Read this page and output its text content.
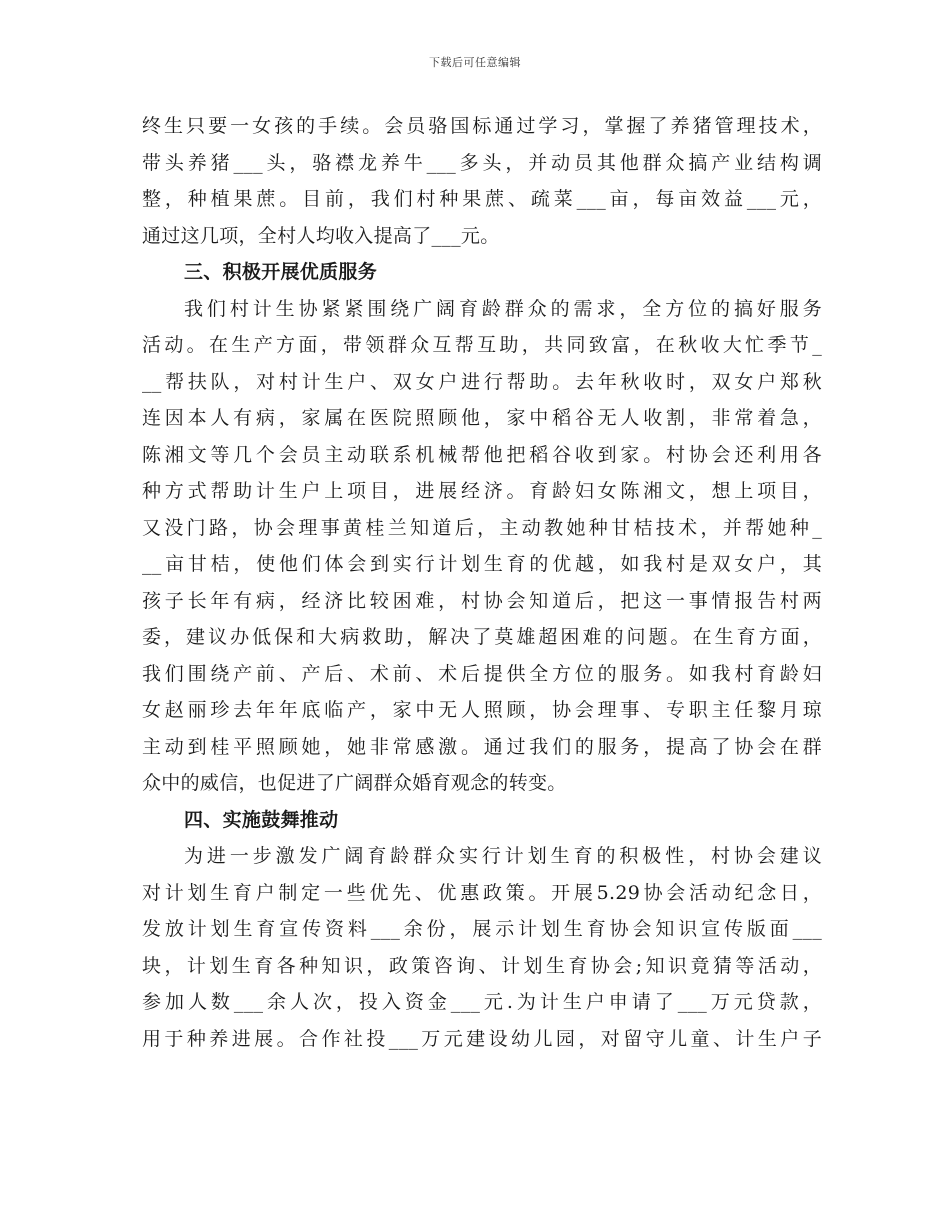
下载后可任意编辑
终生只要一女孩的手续。会员骆国标通过学习，掌握了养猪管理技术，
带头养猪___头，骆襟龙养牛___多头，并动员其他群众搞产业结构调
整，种植果蔗。目前，我们村种果蔗、疏菜___亩，每亩效益___元，
通过这几项，全村人均收入提高了___元。
三、积极开展优质服务
我们村计生协紧紧围绕广阔育龄群众的需求，全方位的搞好服务
活动。在生产方面，带领群众互帮互助，共同致富，在秋收大忙季节_
__帮扶队，对村计生户、双女户进行帮助。去年秋收时，双女户郑秋
连因本人有病，家属在医院照顾他，家中稻谷无人收割，非常着急，
陈湘文等几个会员主动联系机械帮他把稻谷收到家。村协会还利用各
种方式帮助计生户上项目，进展经济。育龄妇女陈湘文，想上项目，
又没门路，协会理事黄桂兰知道后，主动教她种甘桔技术，并帮她种_
__亩甘桔，使他们体会到实行计划生育的优越，如我村是双女户，其
孩子长年有病，经济比较困难，村协会知道后，把这一事情报告村两
委，建议办低保和大病救助，解决了莫雄超困难的问题。在生育方面，
我们围绕产前、产后、术前、术后提供全方位的服务。如我村育龄妇
女赵丽珍去年年底临产，家中无人照顾，协会理事、专职主任黎月琼
主动到桂平照顾她，她非常感激。通过我们的服务，提高了协会在群
众中的威信，也促进了广阔群众婚育观念的转变。
四、实施鼓舞推动
为进一步激发广阔育龄群众实行计划生育的积极性，村协会建议
对计划生育户制定一些优先、优惠政策。开展5.29协会活动纪念日，
发放计划生育宣传资料___余份，展示计划生育协会知识宣传版面___
块，计划生育各种知识，政策咨询、计划生育协会;知识竟猜等活动，
参加人数___余人次，投入资金___元.为计生户申请了___万元贷款，
用于种养进展。合作社投___万元建设幼儿园，对留守儿童、计生户子
